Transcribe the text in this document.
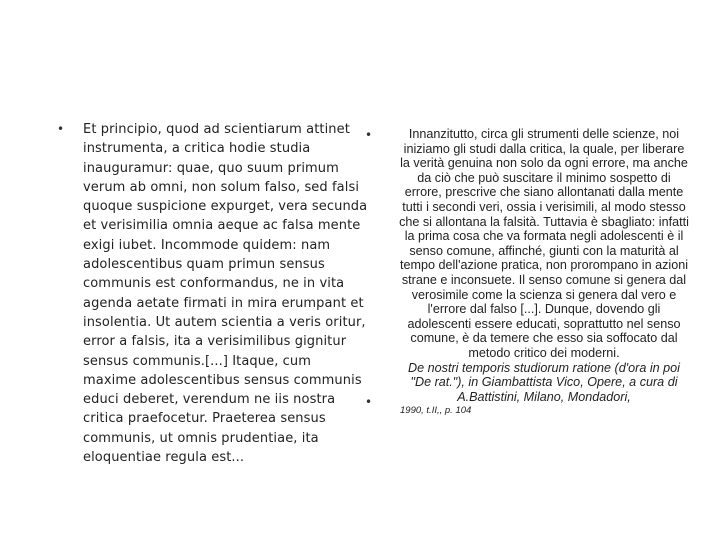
• Et principio, quod ad scientiarum attinet instrumenta, a critica hodie studia inauguramur: quae, quo suum primum verum ab omni, non solum falso, sed falsi quoque suspicione expurget, vera secunda et verisimilia omnia aeque ac falsa mente exigi iubet. Incommode quidem: nam adolescentibus quam primun sensus communis est conformandus, ne in vita agenda aetate firmati in mira erumpant et insolentia. Ut autem scientia a veris oritur, error a falsis, ita a verisimilibus gignitur sensus communis.[...] Itaque, cum maxime adolescentibus sensus communis educi deberet, verendum ne iis nostra critica praefocetur. Praeterea sensus communis, ut omnis prudentiae, ita eloquentiae regula est...
•
•
Innanzitutto, circa gli strumenti delle scienze, noi iniziamo gli studi dalla critica, la quale, per liberare la verità genuina non solo da ogni errore, ma anche da ciò che può suscitare il minimo sospetto di errore, prescrive che siano allontanati dalla mente tutti i secondi veri, ossia i verisimili, al modo stesso che si allontana la falsità. Tuttavia è sbagliato: infatti la prima cosa che va formata negli adolescenti è il senso comune, affinché, giunti con la maturità al tempo dell'azione pratica, non prorompano in azioni strane e inconsuete. Il senso comune si genera dal verosimile come la scienza si genera dal vero e l'errore dal falso [...]. Dunque, dovendo gli adolescenti essere educati, soprattutto nel senso comune, è da temere che esso sia soffocato dal metodo critico dei moderni.
De nostri temporis studiorum ratione (d'ora in poi "De rat."), in Giambattista Vico, Opere, a cura di A.Battistini, Milano, Mondadori,
1990, t.II,, p. 104
